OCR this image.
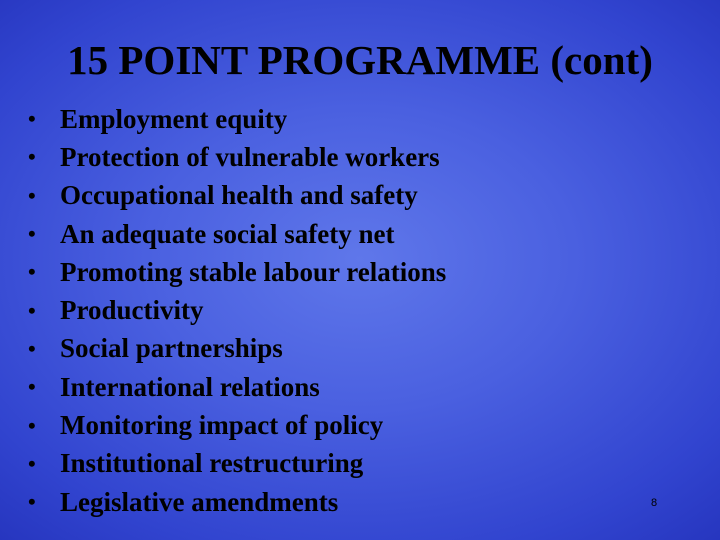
15 POINT PROGRAMME (cont)
• Employment equity
• Protection of vulnerable workers
• Occupational health and safety
• An adequate social safety net
• Promoting stable labour relations
• Productivity
• Social partnerships
• International relations
• Monitoring impact of policy
• Institutional restructuring
• Legislative amendments	8
